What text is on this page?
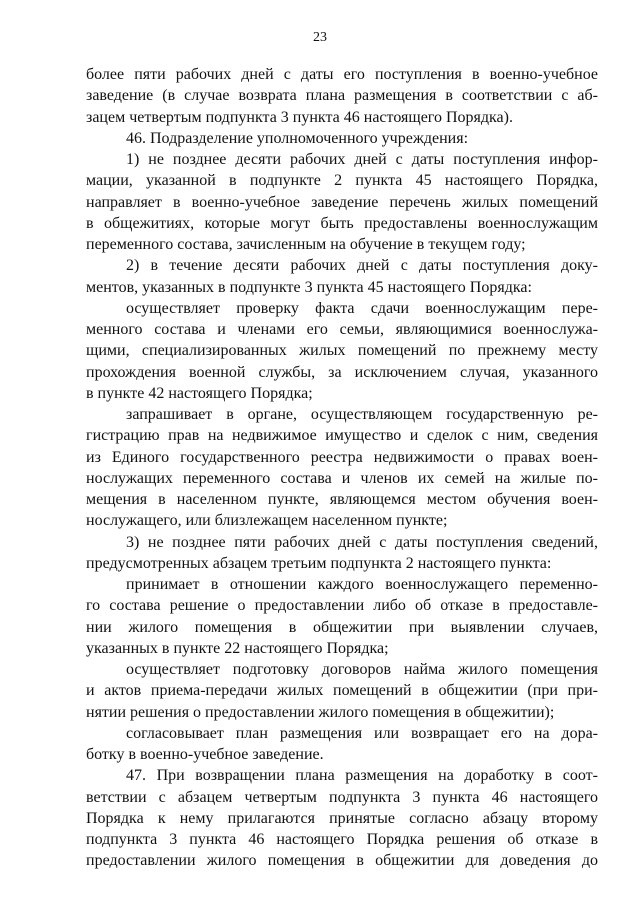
23
более пяти рабочих дней с даты его поступления в военно-учебное
заведение (в случае возврата плана размещения в соответствии с аб-
зацем четвертым подпункта 3 пункта 46 настоящего Порядка).
46. Подразделение уполномоченного учреждения:
1) не позднее десяти рабочих дней с даты поступления инфор-
мации, указанной в подпункте 2 пункта 45 настоящего Порядка,
направляет в военно-учебное заведение перечень жилых помещений
в общежитиях, которые могут быть предоставлены военнослужащим
переменного состава, зачисленным на обучение в текущем году;
2) в течение десяти рабочих дней с даты поступления доку-
ментов, указанных в подпункте 3 пункта 45 настоящего Порядка:
осуществляет проверку факта сдачи военнослужащим пере-
менного состава и членами его семьи, являющимися военнослужа-
щими, специализированных жилых помещений по прежнему месту
прохождения военной службы, за исключением случая, указанного
в пункте 42 настоящего Порядка;
запрашивает в органе, осуществляющем государственную ре-
гистрацию прав на недвижимое имущество и сделок с ним, сведения
из Единого государственного реестра недвижимости о правах воен-
нослужащих переменного состава и членов их семей на жилые по-
мещения в населенном пункте, являющемся местом обучения воен-
нослужащего, или близлежащем населенном пункте;
3) не позднее пяти рабочих дней с даты поступления сведений,
предусмотренных абзацем третьим подпункта 2 настоящего пункта:
принимает в отношении каждого военнослужащего переменно-
го состава решение о предоставлении либо об отказе в предоставле-
нии жилого помещения в общежитии при выявлении случаев,
указанных в пункте 22 настоящего Порядка;
осуществляет подготовку договоров найма жилого помещения
и актов приема-передачи жилых помещений в общежитии (при при-
нятии решения о предоставлении жилого помещения в общежитии);
согласовывает план размещения или возвращает его на дора-
ботку в военно-учебное заведение.
47. При возвращении плана размещения на доработку в соот-
ветствии с абзацем четвертым подпункта 3 пункта 46 настоящего
Порядка к нему прилагаются принятые согласно абзацу второму
подпункта 3 пункта 46 настоящего Порядка решения об отказе в
предоставлении жилого помещения в общежитии для доведения до
